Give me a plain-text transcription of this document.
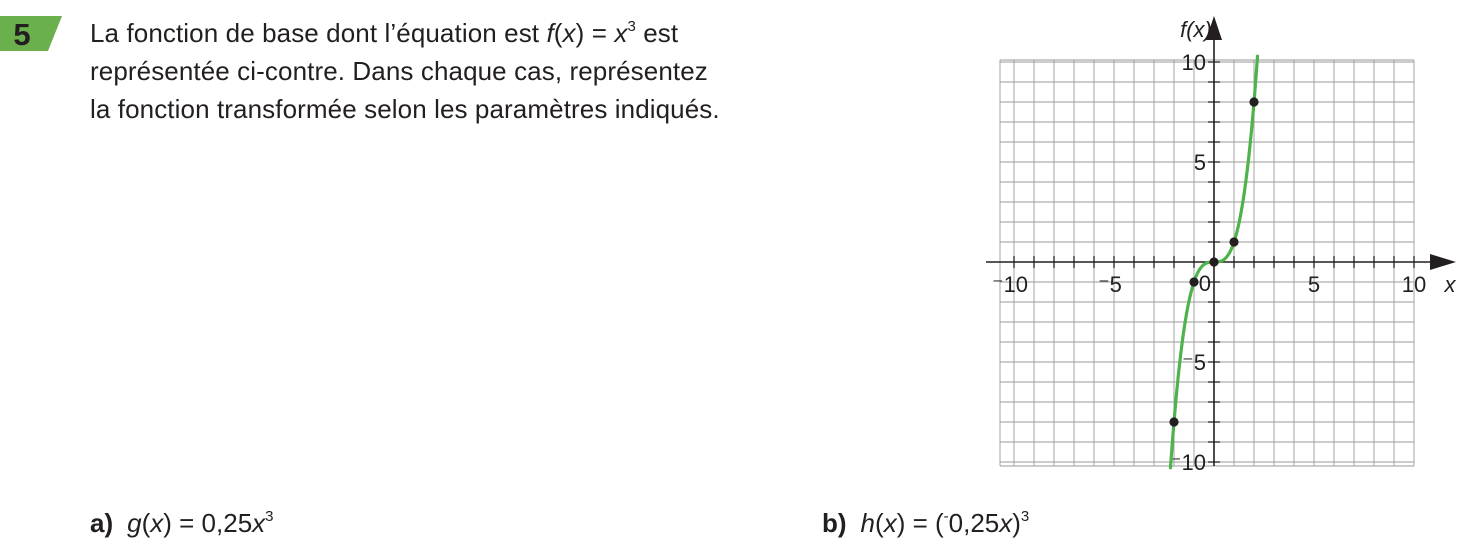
5 La fonction de base dont l’équation est $f(x) = x^3$ est
représentée ci-contre. Dans chaque cas, représentez
la fonction transformée selon les paramètres indiqués.
⁻10	⁻5	5	10
0
10
5
⁻5
⁻10
x
f(x)
a) $g(x) = 0,25x^3$	b) $h(x) = (^-0,25x)^3$
